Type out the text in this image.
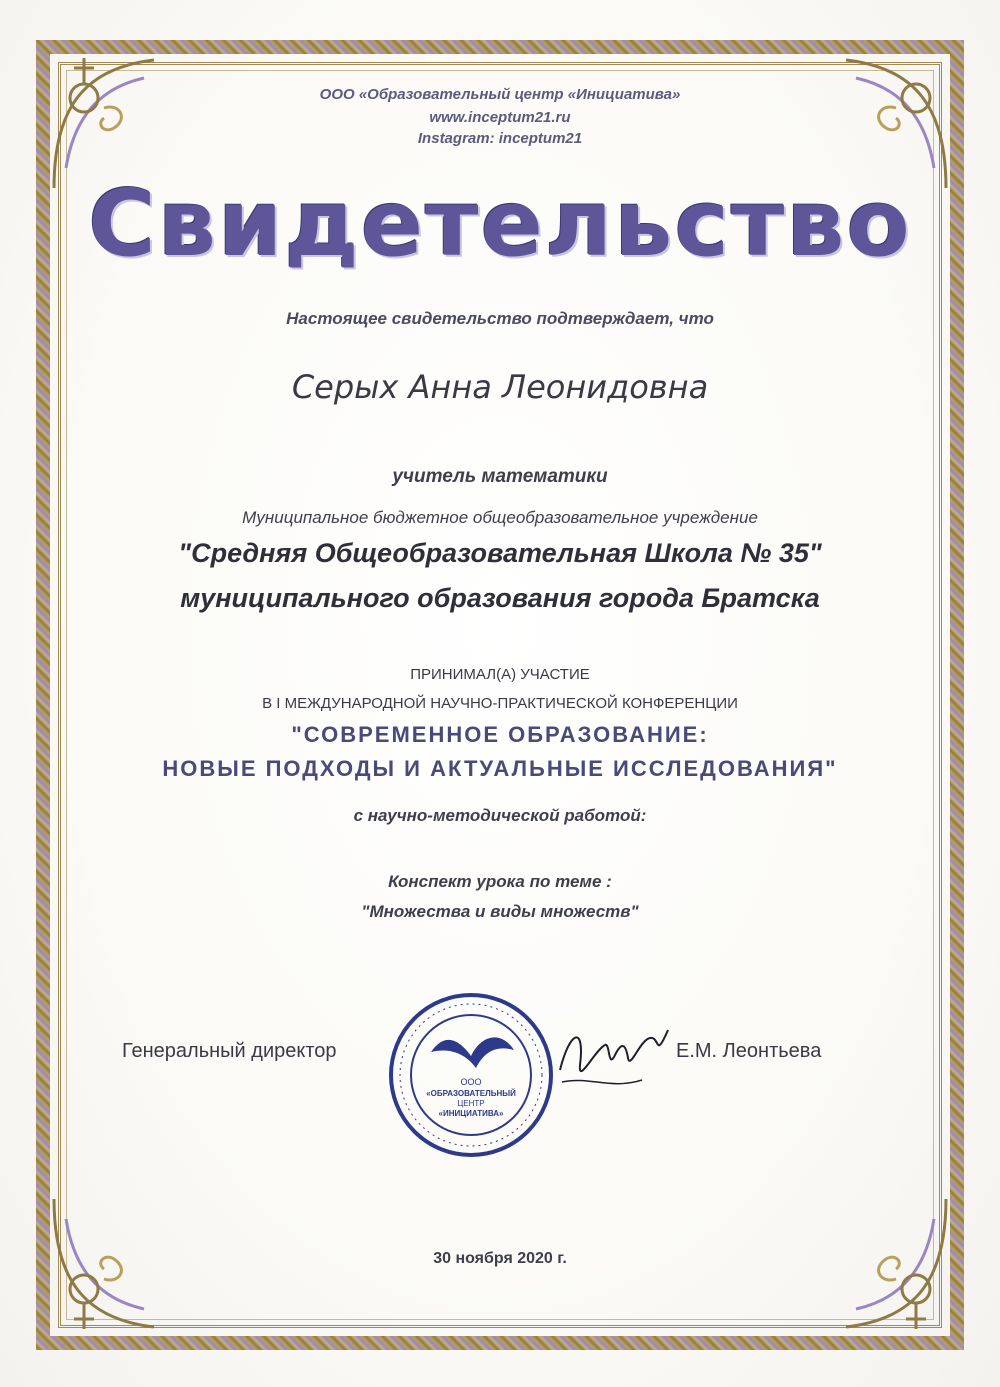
ООО «Образовательный центр «Инициатива»
www.inceptum21.ru
Instagram: inceptum21
Свидетельство
Настоящее свидетельство подтверждает, что
Серых Анна Леонидовна
учитель математики
Муниципальное бюджетное общеобразовательное учреждение
"Средняя Общеобразовательная Школа № 35"
муниципального образования города Братска
ПРИНИМАЛ(А) УЧАСТИЕ
В I МЕЖДУНАРОДНОЙ НАУЧНО-ПРАКТИЧЕСКОЙ КОНФЕРЕНЦИИ
"СОВРЕМЕННОЕ ОБРАЗОВАНИЕ:
НОВЫЕ ПОДХОДЫ И АКТУАЛЬНЫЕ ИССЛЕДОВАНИЯ"
с научно-методической работой:
Конспект урока по теме :
"Множества и виды множеств"
Генеральный директор
ООО
«ОБРАЗОВАТЕЛЬНЫЙ
ЦЕНТР
«ИНИЦИАТИВА»
Е.М. Леонтьева
30 ноября 2020 г.
